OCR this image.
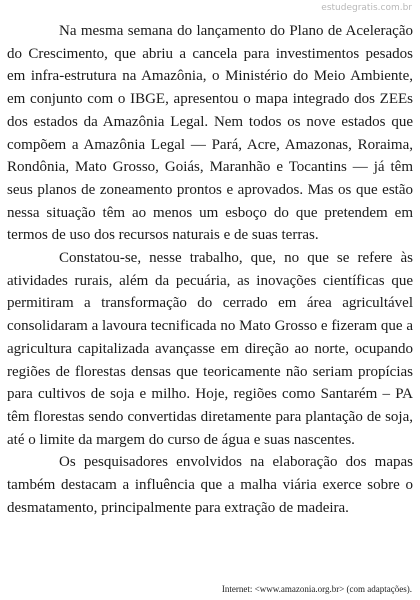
estudegratis.com.br

Na mesma semana do lançamento do Plano de Aceleração do Crescimento, que abriu a cancela para investimentos pesados em infra-estrutura na Amazônia, o Ministério do Meio Ambiente, em conjunto com o IBGE, apresentou o mapa integrado dos ZEEs dos estados da Amazônia Legal. Nem todos os nove estados que compõem a Amazônia Legal — Pará, Acre, Amazonas, Roraima, Rondônia, Mato Grosso, Goiás, Maranhão e Tocantins — já têm seus planos de zoneamento prontos e aprovados. Mas os que estão nessa situação têm ao menos um esboço do que pretendem em termos de uso dos recursos naturais e de suas terras.

Constatou-se, nesse trabalho, que, no que se refere às atividades rurais, além da pecuária, as inovações científicas que permitiram a transformação do cerrado em área agricultável consolidaram a lavoura tecnificada no Mato Grosso e fizeram que a agricultura capitalizada avançasse em direção ao norte, ocupando regiões de florestas densas que teoricamente não seriam propícias para cultivos de soja e milho. Hoje, regiões como Santarém – PA têm florestas sendo convertidas diretamente para plantação de soja, até o limite da margem do curso de água e suas nascentes.

Os pesquisadores envolvidos na elaboração dos mapas também destacam a influência que a malha viária exerce sobre o desmatamento, principalmente para extração de madeira.

Internet: <www.amazonia.org.br> (com adaptações).
